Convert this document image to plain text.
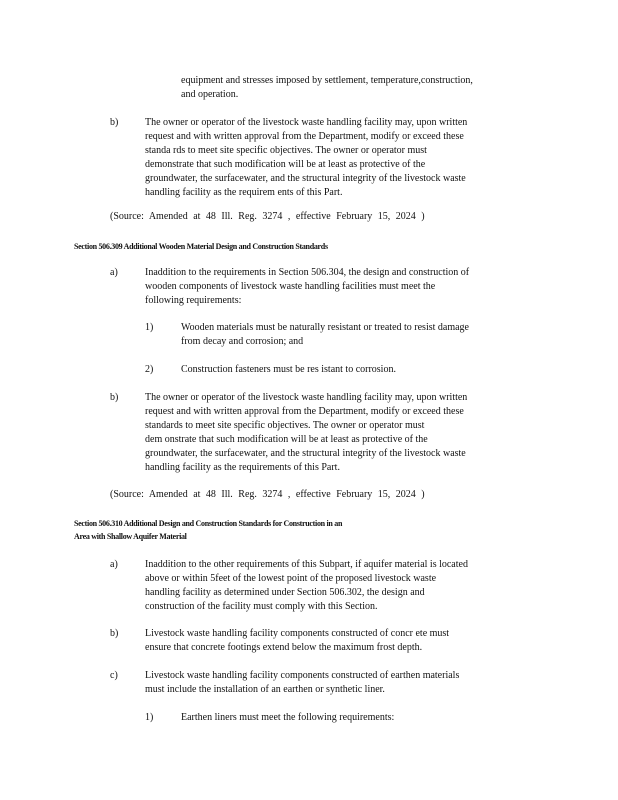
equipment and stresses imposed by settlement, temperature,construction,
and operation.

b)	The owner or operator of the livestock waste handling facility may, upon written
request and with written approval from the Department, modify or exceed these
standa rds to meet site specific objectives. The owner or operator must
demonstrate that such modification will be at least as protective of the
groundwater, the surfacewater, and the structural integrity of the livestock waste
handling facility as the requirem ents of this Part.

(Source: Amended at 48 Ill. Reg. 3274 , effective February 15, 2024 )
Section 506.309 Additional Wooden Material Design and Construction Standards
a)	Inaddition to the requirements in Section 506.304, the design and construction of
wooden components of livestock waste handling facilities must meet the
following requirements:

1)	Wooden materials must be naturally resistant or treated to resist damage
from decay and corrosion; and

2)	Construction fasteners must be res istant to corrosion.

b)	The owner or operator of the livestock waste handling facility may, upon written
request and with written approval from the Department, modify or exceed these
standards to meet site specific objectives. The owner or operator must
dem onstrate that such modification will be at least as protective of the
groundwater, the surfacewater, and the structural integrity of the livestock waste
handling facility as the requirements of this Part.

(Source: Amended at 48 Ill. Reg. 3274 , effective February 15, 2024 )
Section 506.310 Additional Design and Construction Standards for Construction in an
Area with Shallow Aquifer Material
a)	Inaddition to the other requirements of this Subpart, if aquifer material is located
above or within 5feet of the lowest point of the proposed livestock waste
handling facility as determined under Section 506.302, the design and
construction of the facility must comply with this Section.

b)	Livestock waste handling facility components constructed of concr ete must
ensure that concrete footings extend below the maximum frost depth.

c)	Livestock waste handling facility components constructed of earthen materials
must include the installation of an earthen or synthetic liner.

1)	Earthen liners must meet the following requirements:
